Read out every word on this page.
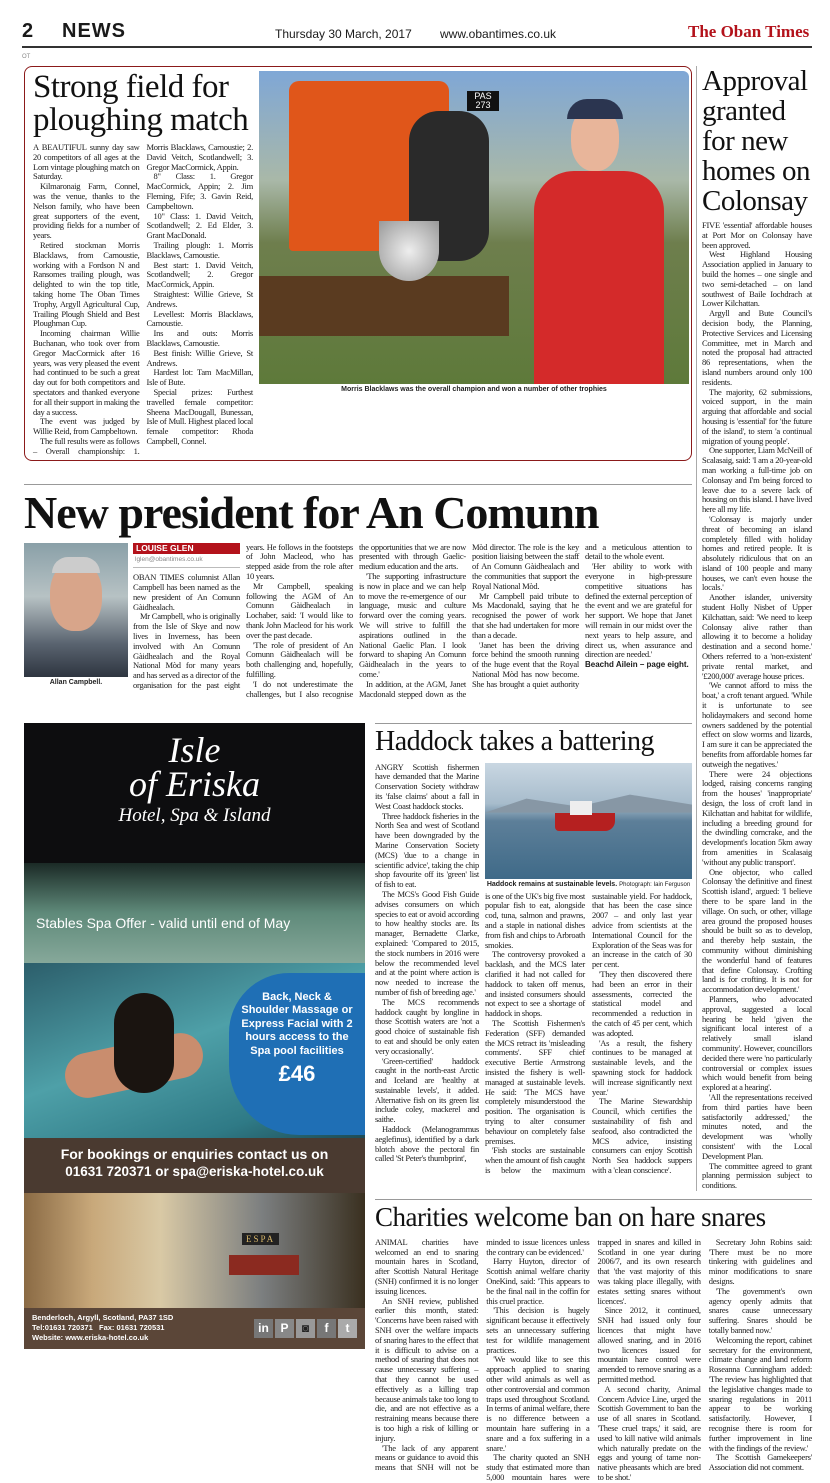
2 NEWS	Thursday 30 March, 2017 www.obantimes.co.uk	The Oban Times
OT
Strong field for ploughing match

A BEAUTIFUL sunny day saw 20 competitors of all ages at the Lorn vintage ploughing match on Saturday.

Kilmaronaig Farm, Connel, was the venue, thanks to the Nelson family, who have been great supporters of the event, providing fields for a number of years.

Retired stockman Morris Blacklaws, from Carnoustie, working with a Fordson N and Ransomes trailing plough, was delighted to win the top title, taking home The Oban Times Trophy, Argyll Agricultural Cup, Trailing Plough Shield and Best Ploughman Cup.

Incoming chairman Willie Buchanan, who took over from Gregor MacCormick after 16 years, was very pleased the event had continued to be such a great day out for both competitors and spectators and thanked everyone for all their support in making the day a success.

The event was judged by Willie Reid, from Campbeltown.

The full results were as follows – Overall championship: 1. Morris Blacklaws, Carnoustie; 2. David Veitch, Scotlandwell; 3. Gregor MacCormick, Appin.

8" Class: 1. Gregor MacCormick, Appin; 2. Jim Fleming, Fife; 3. Gavin Reid, Campbeltown.

10" Class: 1. David Veitch, Scotlandwell; 2. Ed Elder, 3. Grant MacDonald.

Trailing plough: 1. Morris Blacklaws, Carnoustie.

Best start: 1. David Veitch, Scotlandwell; 2. Gregor MacCormick, Appin.

Straightest: Willie Grieve, St Andrews.

Levellest: Morris Blacklaws, Carnoustie.

Ins and outs: Morris Blacklaws, Carnoustie.

Best finish: Willie Grieve, St Andrews.

Hardest lot: Tam MacMillan, Isle of Bute.

Special prizes: Furthest travelled female competitor: Sheena MacDougall, Bunessan, Isle of Mull. Highest placed local female competitor: Rhoda Campbell, Connel.

PAS 273
Morris Blacklaws was the overall champion and won a number of other trophies
New president for An Comunn
Allan Campbell.
LOUISE GLEN
lglen@obantimes.co.uk

OBAN TIMES columnist Allan Campbell has been named as the new president of An Comunn Gàidhealach.

Mr Campbell, who is originally from the Isle of Skye and now lives in Inverness, has been involved with An Comunn Gàidhealach and the Royal National Mòd for many years and has served as a director of the organisation for the past eight years. He follows in the footsteps of John Macleod, who has stepped aside from the role after 10 years.

Mr Campbell, speaking following the AGM of An Comunn Gàidhealach in Lochaber, said: 'I would like to thank John Macleod for his work over the past decade.

'The role of president of An Comunn Gàidhealach will be both challenging and, hopefully, fulfilling.

'I do not underestimate the challenges, but I also recognise the opportunities that we are now presented with through Gaelic-medium education and the arts.

'The supporting infrastructure is now in place and we can help to move the re-emergence of our language, music and culture forward over the coming years. We will strive to fulfill the aspirations outlined in the National Gaelic Plan. I look forward to shaping An Comunn Gàidhealach in the years to come.'

In addition, at the AGM, Janet Macdonald stepped down as the Mòd director. The role is the key position liaising between the staff of An Comunn Gàidhealach and the communities that support the Royal National Mòd.

Mr Campbell paid tribute to Ms Macdonald, saying that he recognised the power of work that she had undertaken for more than a decade.

'Janet has been the driving force behind the smooth running of the huge event that the Royal National Mòd has now become. She has brought a quiet authority and a meticulous attention to detail to the whole event.

'Her ability to work with everyone in high-pressure competitive situations has defined the external perception of the event and we are grateful for her support. We hope that Janet will remain in our midst over the next years to help assure, and direct us, when assurance and direction are needed.'

Beachd Ailein – page eight.
Approval granted for new homes on Colonsay

FIVE 'essential' affordable houses at Port Mor on Colonsay have been approved.

West Highland Housing Association applied in January to build the homes – one single and two semi-detached – on land southwest of Baile Iochdrach at Lower Kilchattan.

Argyll and Bute Council's decision body, the Planning, Protective Services and Licensing Committee, met in March and noted the proposal had attracted 86 representations, when the island numbers around only 100 residents.

The majority, 62 submissions, voiced support, in the main arguing that affordable and social housing is 'essential' for 'the future of the island', to stem 'a continual migration of young people'.

One supporter, Liam McNeill of Scalasaig, said: 'I am a 20-year-old man working a full-time job on Colonsay and I'm being forced to leave due to a severe lack of housing on this island. I have lived here all my life.

'Colonsay is majorly under threat of becoming an island completely filled with holiday homes and retired people. It is absolutely ridiculous that on an island of 100 people and many houses, we can't even house the locals.'

Another islander, university student Holly Nisbet of Upper Kilchattan, said: 'We need to keep Colonsay alive rather than allowing it to become a holiday destination and a second home.' Others referred to a 'non-existent' private rental market, and '£200,000' average house prices.

'We cannot afford to miss the boat,' a croft tenant argued. 'While it is unfortunate to see holidaymakers and second home owners saddened by the potential effect on slow worms and lizards, I am sure it can be appreciated the benefits from affordable homes far outweigh the negatives.'

There were 24 objections lodged, raising concerns ranging from the houses' 'inappropriate' design, the loss of croft land in Kilchattan and habitat for wildlife, including a breeding ground for the dwindling corncrake, and the development's location 5km away from amenities in Scalasaig 'without any public transport'.

One objector, who called Colonsay 'the definitive and finest Scottish island', argued: 'I believe there to be spare land in the village. On such, or other, village area ground the proposed houses should be built so as to develop, and thereby help sustain, the community without diminishing the wonderful hand of features that define Colonsay. Crofting land is for crofting. It is not for accommodation development.'

Planners, who advocated approval, suggested a local hearing be held 'given the significant local interest of a relatively small island community'. However, councillors decided there were 'no particularly controversial or complex issues which would benefit from being explored at a hearing'.

'All the representations received from third parties have been satisfactorily addressed,' the minutes noted, and the development was 'wholly consistent' with the Local Development Plan.

The committee agreed to grant planning permission subject to conditions.

Isle
of Eriska
Hotel, Spa & Island
Stables Spa Offer - valid until end of May
Back, Neck & Shoulder Massage or Express Facial with 2 hours access to the Spa pool facilities
£46
For bookings or enquiries contact us on
01631 720371 or spa@eriska-hotel.co.uk
ESPA
Benderloch, Argyll, Scotland, PA37 1SD
Tel:01631 720371   Fax: 01631 720531
Website: www.eriska-hotel.co.uk
in P	◙	f	t
Haddock takes a battering

ANGRY Scottish fishermen have demanded that the Marine Conservation Society withdraw its 'false claims' about a fall in West Coast haddock stocks.

Three haddock fisheries in the North Sea and west of Scotland have been downgraded by the Marine Conservation Society (MCS) 'due to a change in scientific advice', taking the chip shop favourite off its 'green' list of fish to eat.

The MCS's Good Fish Guide advises consumers on which species to eat or avoid according to how healthy stocks are. Its manager, Bernadette Clarke, explained: 'Compared to 2015, the stock numbers in 2016 were below the recommended level and at the point where action is now needed to increase the number of fish of breeding age.'

The MCS recommends haddock caught by longline in those Scottish waters are 'not a good choice of sustainable fish to eat and should be only eaten very occasionally'.

'Green-certified' haddock caught in the north-east Arctic and Iceland are 'healthy at sustainable levels', it added. Alternative fish on its green list include coley, mackerel and saithe.

Haddock (Melanogrammus aeglefinus), identified by a dark blotch above the pectoral fin called 'St Peter's thumbprint',

Haddock remains at sustainable levels. Photograph: Iain Ferguson

is one of the UK's big five most popular fish to eat, alongside cod, tuna, salmon and prawns, and a staple in national dishes from fish and chips to Arbroath smokies.

The controversy provoked a backlash, and the MCS later clarified it had not called for haddock to taken off menus, and insisted consumers should not expect to see a shortage of haddock in shops.

The Scottish Fishermen's Federation (SFF) demanded the MCS retract its 'misleading comments'. SFF chief executive Bertie Armstrong insisted the fishery is well-managed at sustainable levels. He said: 'The MCS have completely misunderstood the position. The organisation is trying to alter consumer behaviour on completely false premises.

'Fish stocks are sustainable when the amount of fish caught is below the maximum sustainable yield. For haddock, that has been the case since 2007 – and only last year advice from scientists at the International Council for the Exploration of the Seas was for an increase in the catch of 30 per cent.

'They then discovered there had been an error in their assessments, corrected the statistical model and recommended a reduction in the catch of 45 per cent, which was adopted.

'As a result, the fishery continues to be managed at sustainable levels, and the spawning stock for haddock will increase significantly next year.'

The Marine Stewardship Council, which certifies the sustainability of fish and seafood, also contradicted the MCS advice, insisting consumers can enjoy Scottish North Sea haddock suppers with a 'clean conscience'.

Charities welcome ban on hare snares

ANIMAL charities have welcomed an end to snaring mountain hares in Scotland, after Scottish Natural Heritage (SNH) confirmed it is no longer issuing licences.

An SNH review, published earlier this month, stated: 'Concerns have been raised with SNH over the welfare impacts of snaring hares to the effect that it is difficult to advise on a method of snaring that does not cause unnecessary suffering – that they cannot be used effectively as a killing trap because animals take too long to die, and are not effective as a restraining means because there is too high a risk of killing or injury.

'The lack of any apparent means or guidance to avoid this means that SNH will not be minded to issue licences unless the contrary can be evidenced.'

Harry Huyton, director of Scottish animal welfare charity OneKind, said: 'This appears to be the final nail in the coffin for this cruel practice.

'This decision is hugely significant because it effectively sets an unnecessary suffering test for wildlife management practices.

'We would like to see this approach applied to snaring other wild animals as well as other controversial and common traps used throughout Scotland. In terms of animal welfare, there is no difference between a mountain hare suffering in a snare and a fox suffering in a snare.'

The charity quoted an SNH study that estimated more than 5,000 mountain hares were trapped in snares and killed in Scotland in one year during 2006/7, and its own research that 'the vast majority of this was taking place illegally, with estates setting snares without licences'.

Since 2012, it continued, SNH had issued only four licences that might have allowed snaring, and in 2016 two licences issued for mountain hare control were amended to remove snaring as a permitted method.

A second charity, Animal Concern Advice Line, urged the Scottish Government to ban the use of all snares in Scotland. 'These cruel traps,' it said, are used 'to kill native wild animals which naturally predate on the eggs and young of tame non-native pheasants which are bred to be shot.'

Secretary John Robins said: 'There must be no more tinkering with guidelines and minor modifications to snare designs.

'The government's own agency openly admits that snares cause unnecessary suffering. Snares should be totally banned now.'

Welcoming the report, cabinet secretary for the environment, climate change and land reform Roseanna Cunningham added: 'The review has highlighted that the legislative changes made to snaring regulations in 2011 appear to be working satisfactorily. However, I recognise there is room for further improvement in line with the findings of the review.'

The Scottish Gamekeepers' Association did not comment.
